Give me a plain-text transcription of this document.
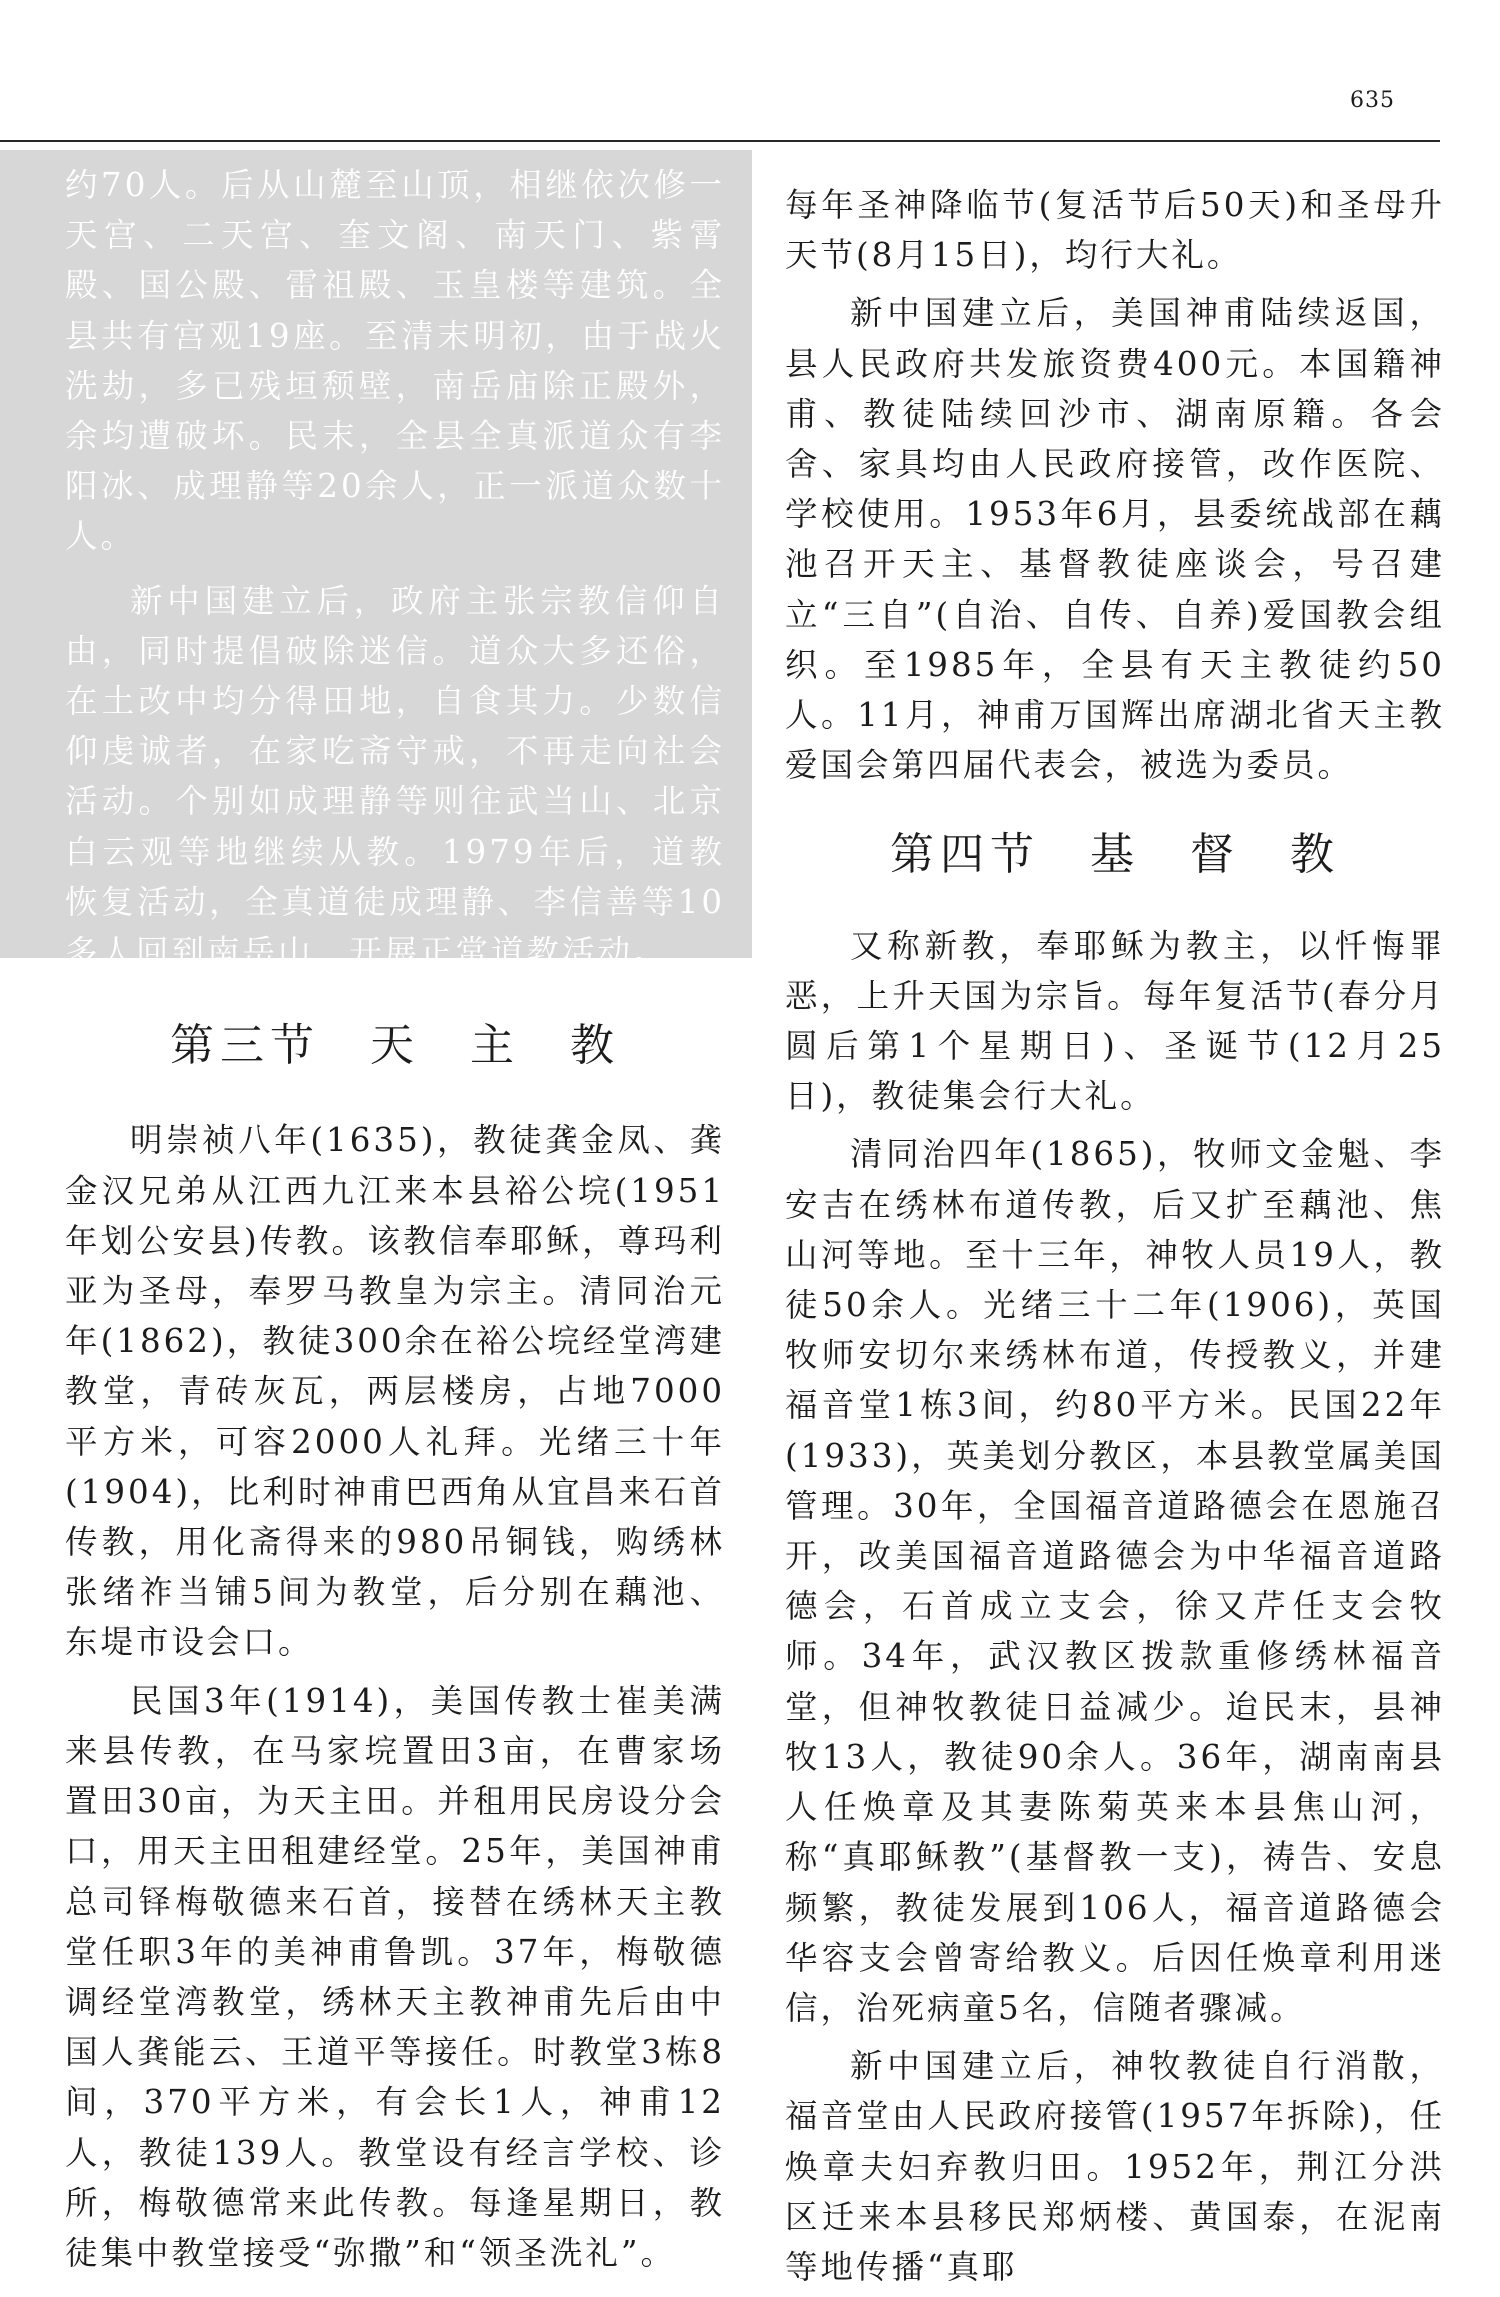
635

约70人。后从山麓至山顶，相继依次修一天宫、二天宫、奎文阁、南天门、紫霄殿、国公殿、雷祖殿、玉皇楼等建筑。全县共有宫观19座。至清末明初，由于战火洗劫，多已残垣颓壁，南岳庙除正殿外，余均遭破坏。民末，全县全真派道众有李阳冰、成理静等20余人，正一派道众数十人。

新中国建立后，政府主张宗教信仰自由，同时提倡破除迷信。道众大多还俗，在土改中均分得田地，自食其力。少数信仰虔诚者，在家吃斋守戒，不再走向社会活动。个别如成理静等则往武当山、北京白云观等地继续从教。1979年后，道教恢复活动，全真道徒成理静、李信善等10多人回到南岳山，开展正常道教活动。

第三节　天　主　教

明崇祯八年(1635)，教徒龚金凤、龚金汉兄弟从江西九江来本县裕公垸(1951年划公安县)传教。该教信奉耶稣，尊玛利亚为圣母，奉罗马教皇为宗主。清同治元年(1862)，教徒300余在裕公垸经堂湾建教堂，青砖灰瓦，两层楼房，占地7000平方米，可容2000人礼拜。光绪三十年(1904)，比利时神甫巴西角从宜昌来石首传教，用化斋得来的980吊铜钱，购绣林张绪祚当铺5间为教堂，后分别在藕池、东堤市设会口。

民国3年(1914)，美国传教士崔美满来县传教，在马家垸置田3亩，在曹家场置田30亩，为天主田。并租用民房设分会口，用天主田租建经堂。25年，美国神甫总司铎梅敬德来石首，接替在绣林天主教堂任职3年的美神甫鲁凯。37年，梅敬德调经堂湾教堂，绣林天主教神甫先后由中国人龚能云、王道平等接任。时教堂3栋8间，370平方米，有会长1人，神甫12人，教徒139人。教堂设有经言学校、诊所，梅敬德常来此传教。每逢星期日，教徒集中教堂接受“弥撒”和“领圣洗礼”。

每年圣神降临节(复活节后50天)和圣母升天节(8月15日)，均行大礼。

新中国建立后，美国神甫陆续返国，县人民政府共发旅资费400元。本国籍神甫、教徒陆续回沙市、湖南原籍。各会舍、家具均由人民政府接管，改作医院、学校使用。1953年6月，县委统战部在藕池召开天主、基督教徒座谈会，号召建立“三自”(自治、自传、自养)爱国教会组织。至1985年，全县有天主教徒约50人。11月，神甫万国辉出席湖北省天主教爱国会第四届代表会，被选为委员。

第四节　基　督　教

又称新教，奉耶稣为教主，以忏悔罪恶，上升天国为宗旨。每年复活节(春分月圆后第1个星期日)、圣诞节(12月25日)，教徒集会行大礼。

清同治四年(1865)，牧师文金魁、李安吉在绣林布道传教，后又扩至藕池、焦山河等地。至十三年，神牧人员19人，教徒50余人。光绪三十二年(1906)，英国牧师安切尔来绣林布道，传授教义，并建福音堂1栋3间，约80平方米。民国22年(1933)，英美划分教区，本县教堂属美国管理。30年，全国福音道路德会在恩施召开，改美国福音道路德会为中华福音道路德会，石首成立支会，徐又芹任支会牧师。34年，武汉教区拨款重修绣林福音堂，但神牧教徒日益减少。迨民末，县神牧13人，教徒90余人。36年，湖南南县人任焕章及其妻陈菊英来本县焦山河，称“真耶稣教”(基督教一支)，祷告、安息频繁，教徒发展到106人，福音道路德会华容支会曾寄给教义。后因任焕章利用迷信，治死病童5名，信随者骤减。

新中国建立后，神牧教徒自行消散，福音堂由人民政府接管(1957年拆除)，任焕章夫妇弃教归田。1952年，荆江分洪区迁来本县移民郑炳楼、黄国泰，在泥南等地传播“真耶
